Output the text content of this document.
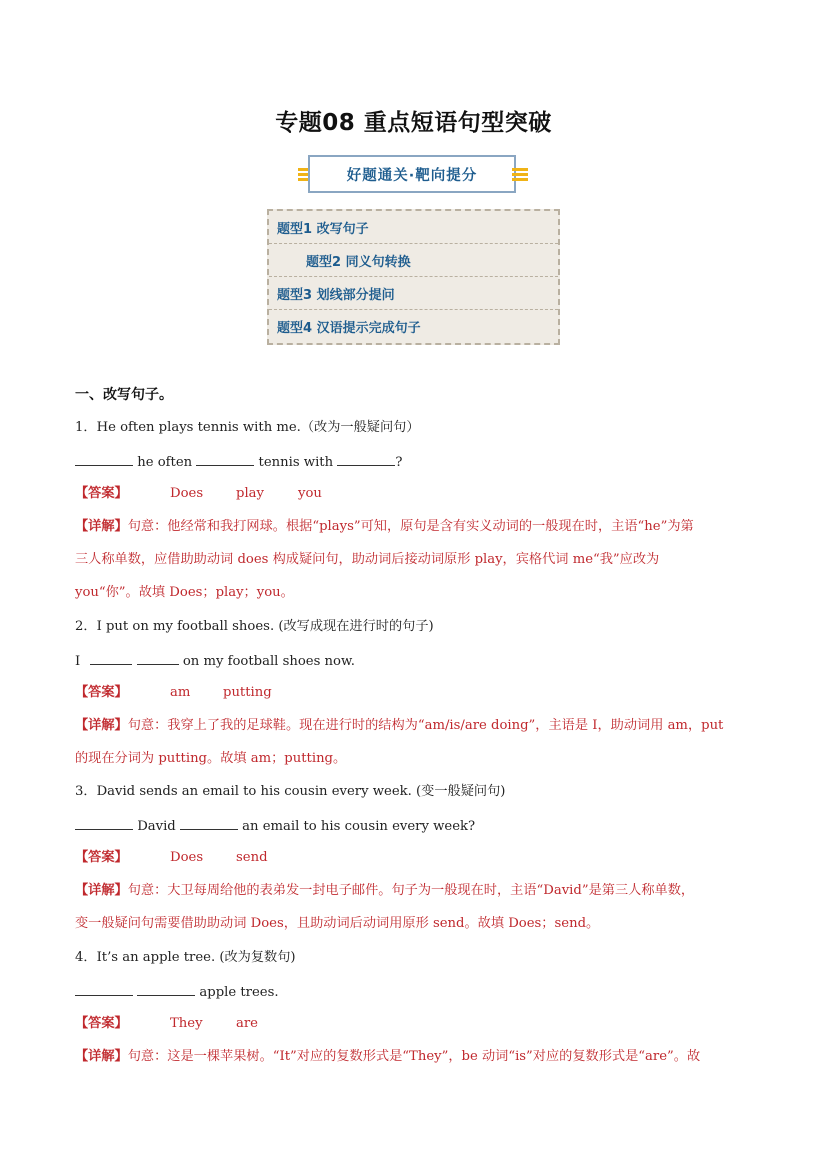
专题08 重点短语句型突破
好题通关·靶向提分
题型1 改写句子
题型2 同义句转换
题型3 划线部分提问
题型4 汉语提示完成句子
一、改写句子。
1．He often plays tennis with me.（改为一般疑问句）
he often	tennis with	?
【答案】	Does play	you
【详解】句意：他经常和我打网球。根据“plays”可知，原句是含有实义动词的一般现在时，主语“he”为第
三人称单数，应借助助动词 does 构成疑问句，助动词后接动词原形 play，宾格代词 me“我”应改为
you“你”。故填 Does；play；you。
2．I put on my football shoes. (改写成现在进行时的句子)
I	on my football shoes now.
【答案】	am putting
【详解】句意：我穿上了我的足球鞋。现在进行时的结构为“am/is/are doing”，主语是 I，助动词用 am，put
的现在分词为 putting。故填 am；putting。
3．David sends an email to his cousin every week. (变一般疑问句)
David	an email to his cousin every week?
【答案】	Does send
【详解】句意：大卫每周给他的表弟发一封电子邮件。句子为一般现在时，主语“David”是第三人称单数，
变一般疑问句需要借助助动词 Does，且助动词后动词用原形 send。故填 Does；send。
4．It’s an apple tree. (改为复数句)
apple trees.
【答案】	They	are
【详解】句意：这是一棵苹果树。“It”对应的复数形式是“They”，be 动词“is”对应的复数形式是“are”。故
